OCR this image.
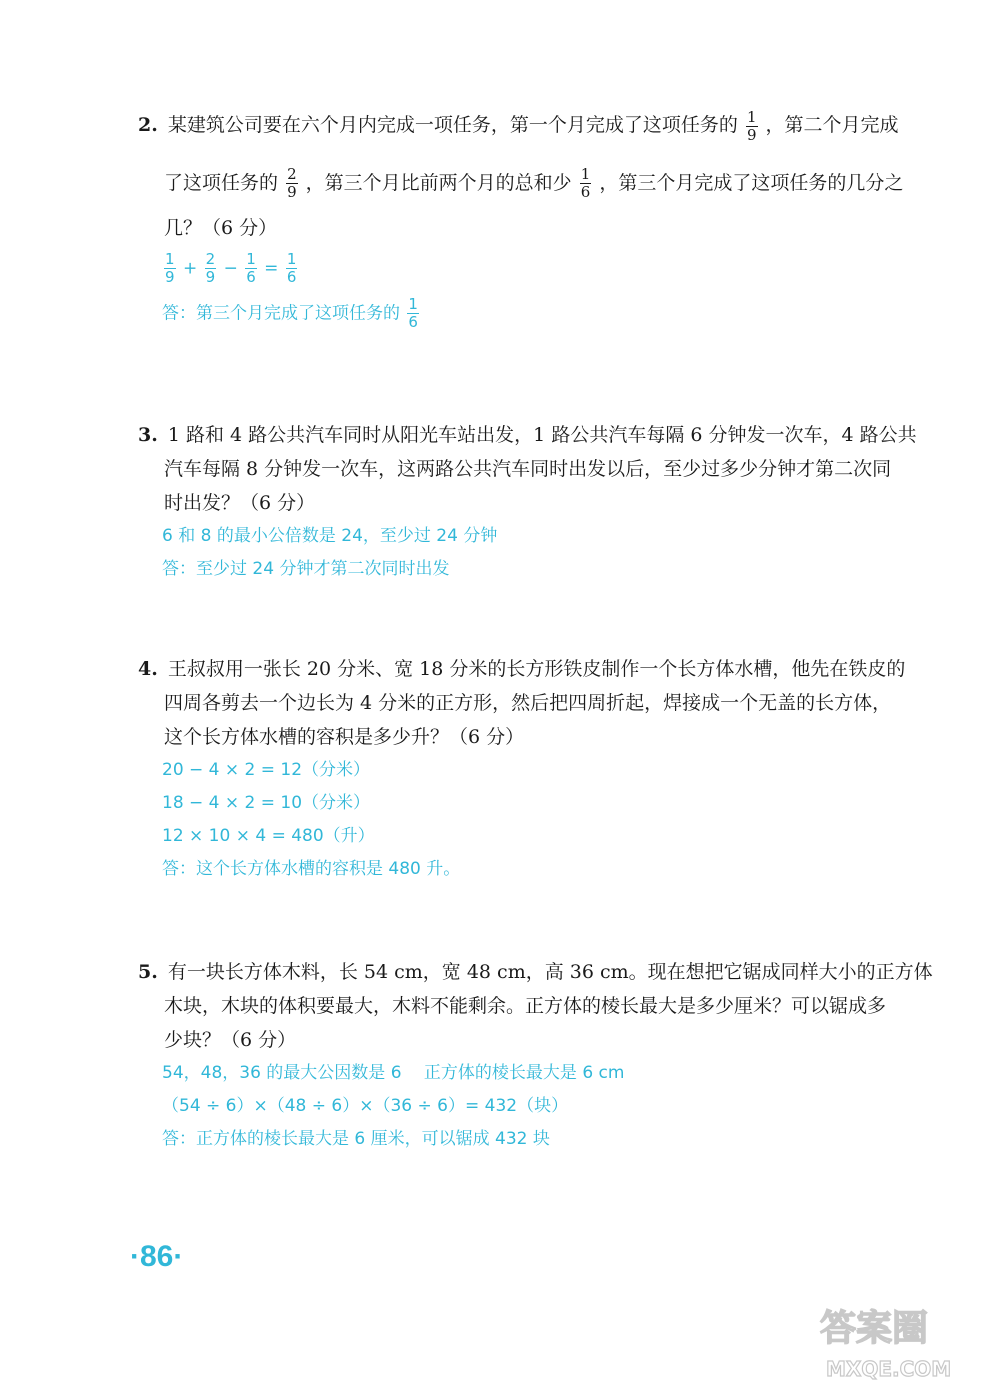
2. 某建筑公司要在六个月内完成一项任务，第一个月完成了这项任务的 $\frac{1}{9}$ ，第二个月完成
了这项任务的 $\frac{2}{9}$ ，第三个月比前两个月的总和少 $\frac{1}{6}$ ，第三个月完成了这项任务的几分之
几？（6 分）
$\frac{1}{9} + \frac{2}{9} - \frac{1}{6} = \frac{1}{6}$
答：第三个月完成了这项任务的 $\frac{1}{6}$
3. 1 路和 4 路公共汽车同时从阳光车站出发，1 路公共汽车每隔 6 分钟发一次车，4 路公共
汽车每隔 8 分钟发一次车，这两路公共汽车同时出发以后，至少过多少分钟才第二次同
时出发？（6 分）
6 和 8 的最小公倍数是 24，至少过 24 分钟
答：至少过 24 分钟才第二次同时出发
4. 王叔叔用一张长 20 分米、宽 18 分米的长方形铁皮制作一个长方体水槽，他先在铁皮的
四周各剪去一个边长为 4 分米的正方形，然后把四周折起，焊接成一个无盖的长方体，
这个长方体水槽的容积是多少升？（6 分）
20 − 4 × 2 = 12（分米）
18 − 4 × 2 = 10（分米）
12 × 10 × 4 = 480（升）
答：这个长方体水槽的容积是 480 升。
5. 有一块长方体木料，长 54 cm，宽 48 cm，高 36 cm。现在想把它锯成同样大小的正方体
木块，木块的体积要最大，木料不能剩余。正方体的棱长最大是多少厘米？可以锯成多
少块？（6 分）
54，48，36 的最大公因数是 6　 正方体的棱长最大是 6 cm
（54 ÷ 6）×（48 ÷ 6）×（36 ÷ 6）= 432（块）
答：正方体的棱长最大是 6 厘米，可以锯成 432 块
·86·
答案圈
MXQE.COM
